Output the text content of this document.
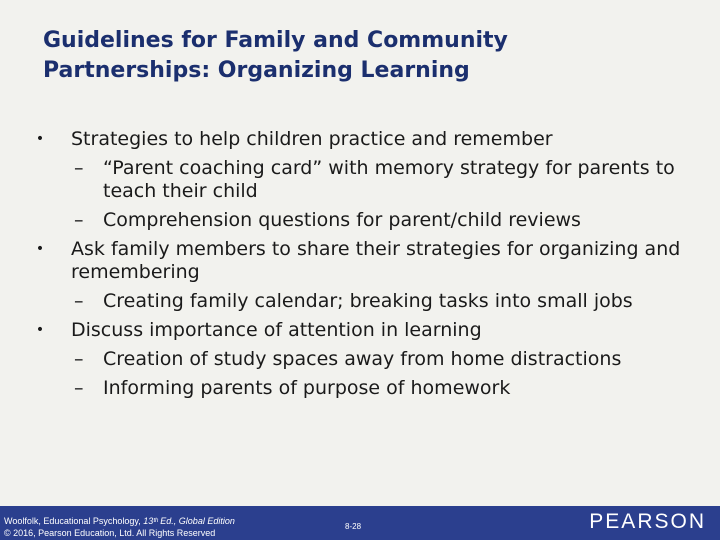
Guidelines for Family and Community
Partnerships: Organizing Learning
•	Strategies to help children practice and remember
– “Parent coaching card” with memory strategy for parents to teach their child
– Comprehension questions for parent/child reviews
•	Ask family members to share their strategies for organizing and remembering
– Creating family calendar; breaking tasks into small jobs
•	Discuss importance of attention in learning
– Creation of study spaces away from home distractions
– Informing parents of purpose of homework
Woolfolk, Educational Psychology, 13ᵗʰ Ed., Global Edition
© 2016, Pearson Education, Ltd. All Rights Reserved
8-28	PEARSON
